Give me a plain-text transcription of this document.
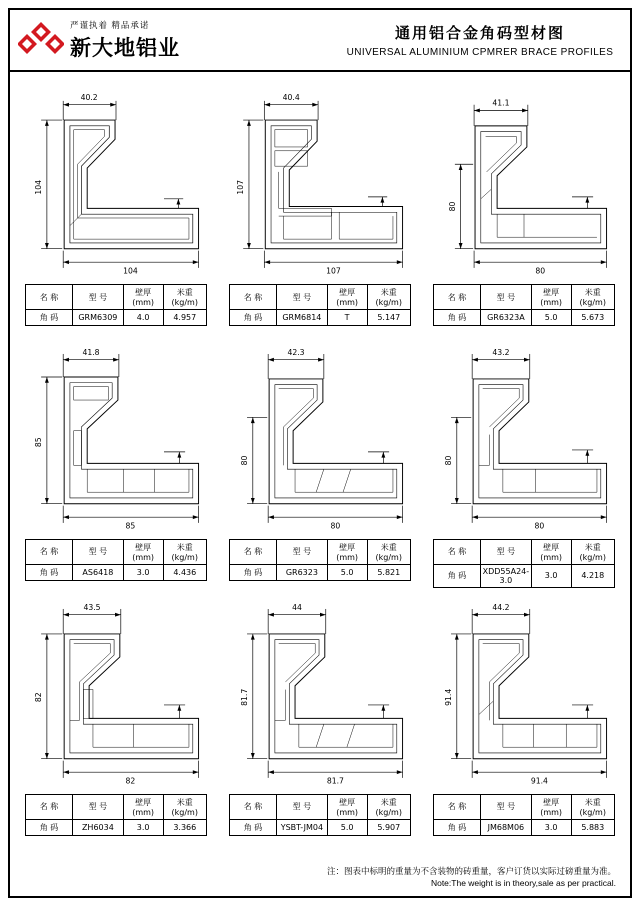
严谨执着 精品承诺
新大地铝业
通用铝合金角码型材图
UNIVERSAL ALUMINIUM CPMRER BRACE PROFILES
40.2
104
104
名 称	型 号	壁厚(mm)	米重(kg/m)
角 码	GRM6309	4.0	4.957
40.4
107
107
名 称	型 号	壁厚(mm)	米重(kg/m)
角 码	GRM6814	T	5.147
41.1
80
80
名 称	型 号	壁厚(mm)	米重(kg/m)
角 码	GR6323A	5.0	5.673
41.8
85
85
名 称	型 号	壁厚(mm)	米重(kg/m)
角 码	AS6418	3.0	4.436
42.3
80
80
名 称	型 号	壁厚(mm)	米重(kg/m)
角 码	GR6323	5.0	5.821
43.2
80
80
名 称	型 号	壁厚(mm)	米重(kg/m)
角 码	XDD55A24-3.0	3.0	4.218
43.5
82
82
名 称	型 号	壁厚(mm)	米重(kg/m)
角 码	ZH6034	3.0	3.366
44
81.7
81.7
名 称	型 号	壁厚(mm)	米重(kg/m)
角 码	YSBT-JM04	5.0	5.907
44.2
91.4
91.4
名 称	型 号	壁厚(mm)	米重(kg/m)
角 码	JM68M06	3.0	5.883
注：图表中标明的重量为不含装物的砖重量，客户订货以实际过磅重量为准。
Note:The weight is in theory,sale as per practical.
